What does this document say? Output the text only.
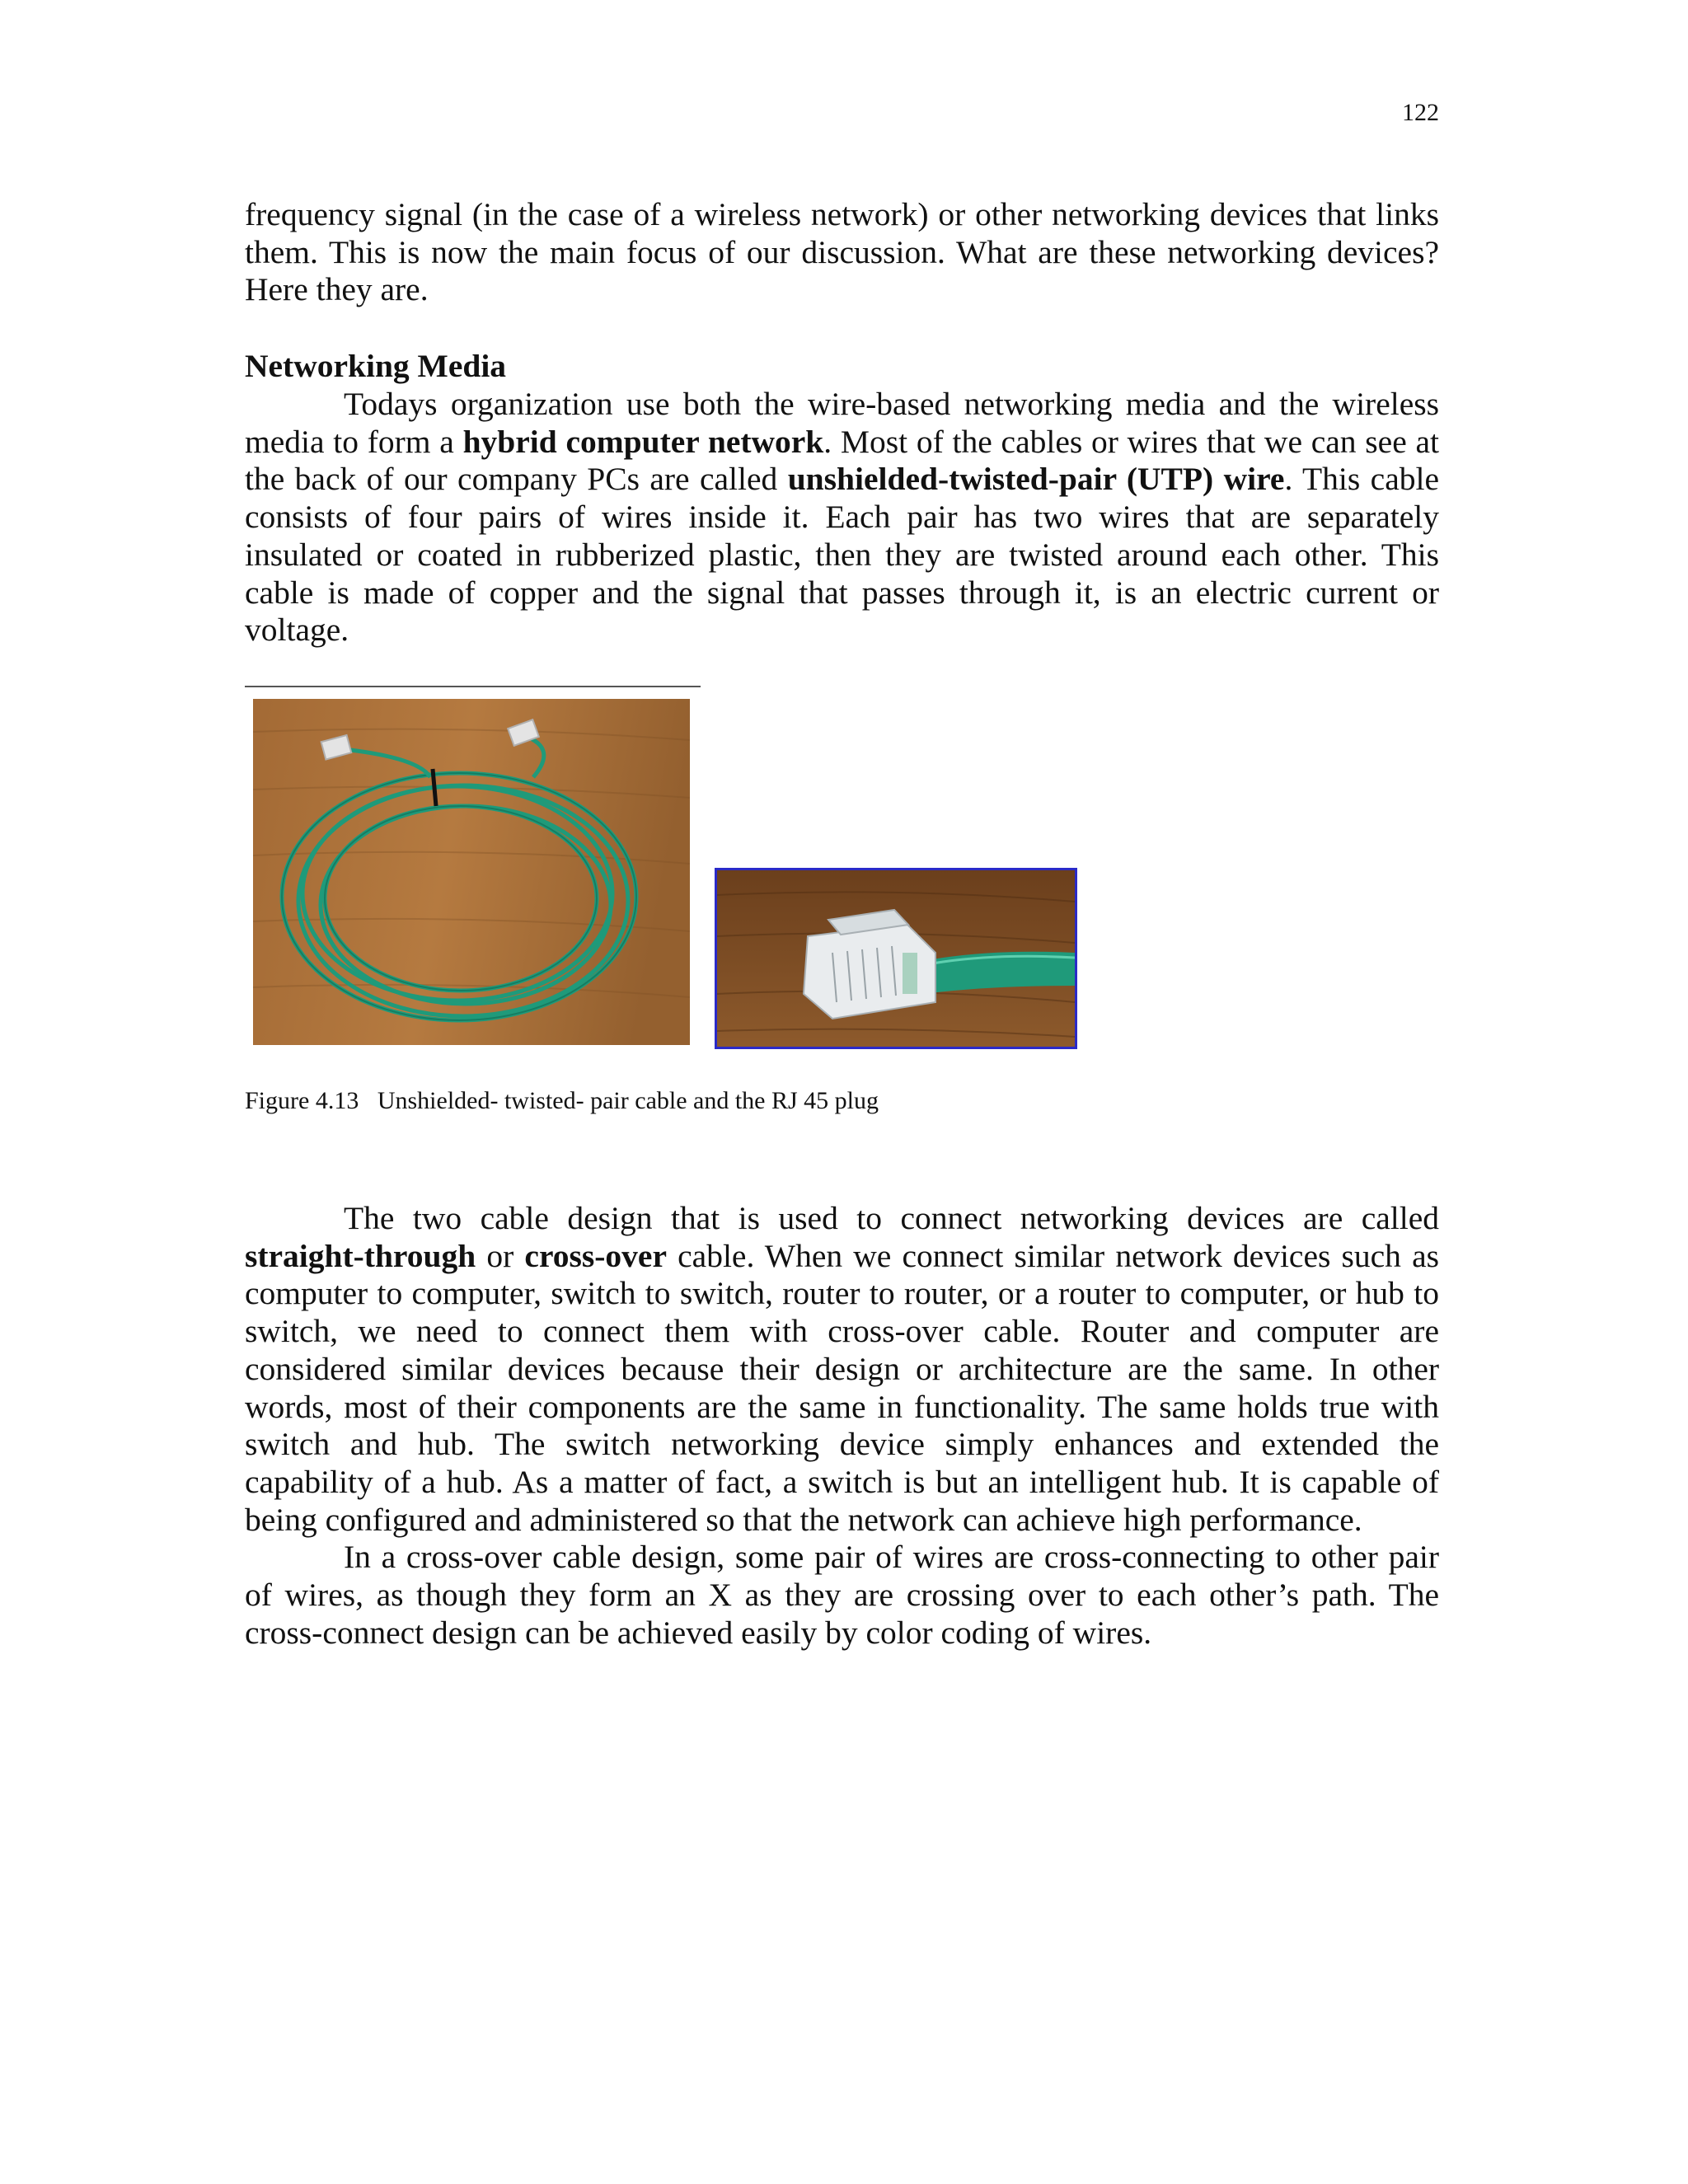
122

frequency signal (in the case of a wireless network) or other networking devices that links them. This is now the main focus of our discussion. What are these networking devices? Here they are.

Networking Media

Todays organization use both the wire-based networking media and the wireless media to form a hybrid computer network. Most of the cables or wires that we can see at the back of our company PCs are called unshielded-twisted-pair (UTP) wire. This cable consists of four pairs of wires inside it. Each pair has two wires that are separately insulated or coated in rubberized plastic, then they are twisted around each other. This cable is made of copper and the signal that passes through it, is an electric current or voltage.

Figure 4.13   Unshielded- twisted- pair cable and the RJ 45 plug

The two cable design that is used to connect networking devices are called straight-through or cross-over cable. When we connect similar network devices such as computer to computer, switch to switch, router to router, or a router to computer, or hub to switch, we need to connect them with cross-over cable. Router and computer are considered similar devices because their design or architecture are the same. In other words, most of their components are the same in functionality. The same holds true with switch and hub. The switch networking device simply enhances and extended the capability of a hub. As a matter of fact, a switch is but an intelligent hub. It is capable of being configured and administered so that the network can achieve high performance.

In a cross-over cable design, some pair of wires are cross-connecting to other pair of wires, as though they form an X as they are crossing over to each other’s path. The cross-connect design can be achieved easily by color coding of wires.
